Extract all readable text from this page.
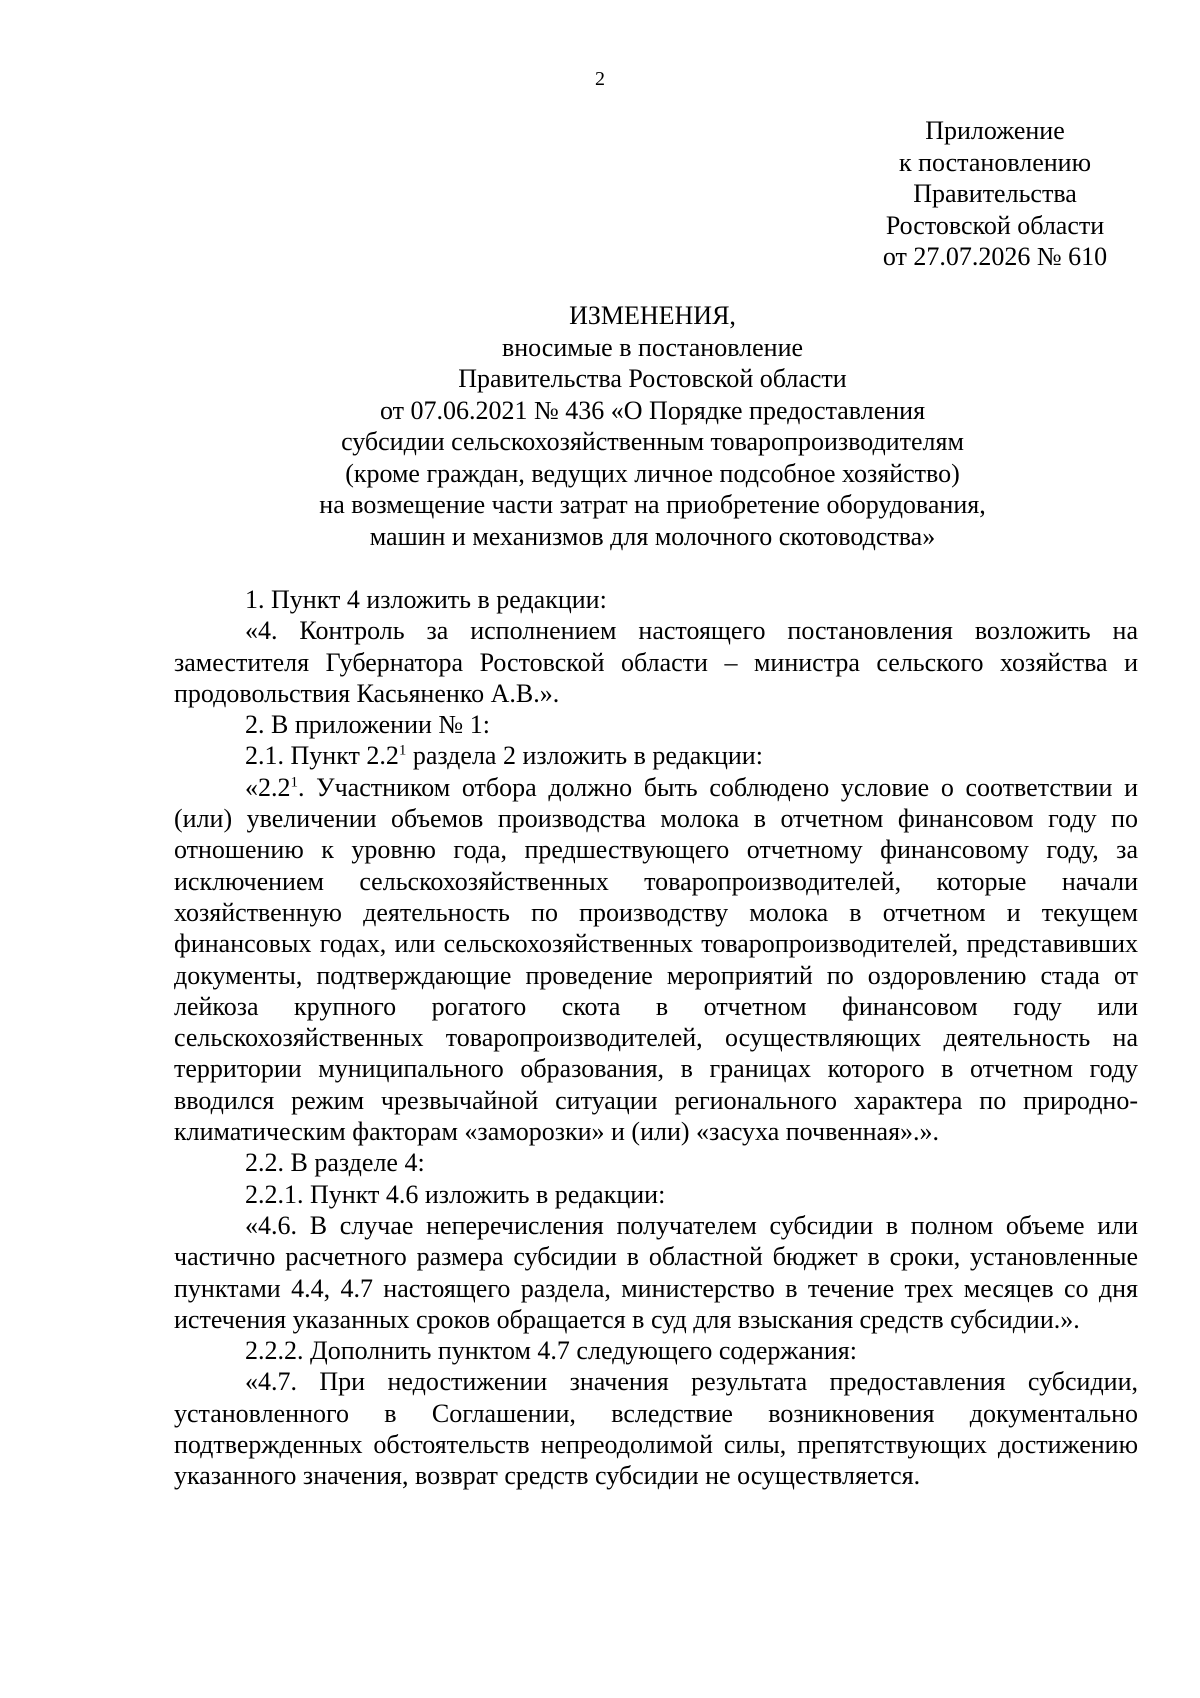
2
Приложение
к постановлению
Правительства
Ростовской области
от 27.07.2026 № 610
ИЗМЕНЕНИЯ,
вносимые в постановление
Правительства Ростовской области
от 07.06.2021 № 436 «О Порядке предоставления
субсидии сельскохозяйственным товаропроизводителям
(кроме граждан, ведущих личное подсобное хозяйство)
на возмещение части затрат на приобретение оборудования,
машин и механизмов для молочного скотоводства»

1. Пункт 4 изложить в редакции:

«4. Контроль за исполнением настоящего постановления возложить на заместителя Губернатора Ростовской области – министра сельского хозяйства и продовольствия Касьяненко А.В.».

2. В приложении № 1:

2.1. Пункт $2.2^1$ раздела 2 изложить в редакции:

«$2.2^1$. Участником отбора должно быть соблюдено условие о соответствии и (или) увеличении объемов производства молока в отчетном финансовом году по отношению к уровню года, предшествующего отчетному финансовому году, за исключением сельскохозяйственных товаропроизводителей, которые начали хозяйственную деятельность по производству молока в отчетном и текущем финансовых годах, или сельскохозяйственных товаропроизводителей, представивших документы, подтверждающие проведение мероприятий по оздоровлению стада от лейкоза крупного рогатого скота в отчетном финансовом году или сельскохозяйственных товаропроизводителей, осуществляющих деятельность на территории муниципального образования, в границах которого в отчетном году вводился режим чрезвычайной ситуации регионального характера по природно-климатическим факторам «заморозки» и (или) «засуха почвенная».».

2.2. В разделе 4:

2.2.1. Пункт 4.6 изложить в редакции:

«4.6. В случае неперечисления получателем субсидии в полном объеме или частично расчетного размера субсидии в областной бюджет в сроки, установленные пунктами 4.4, 4.7 настоящего раздела, министерство в течение трех месяцев со дня истечения указанных сроков обращается в суд для взыскания средств субсидии.».

2.2.2. Дополнить пунктом 4.7 следующего содержания:

«4.7. При недостижении значения результата предоставления субсидии, установленного в Соглашении, вследствие возникновения документально подтвержденных обстоятельств непреодолимой силы, препятствующих достижению указанного значения, возврат средств субсидии не осуществляется.
